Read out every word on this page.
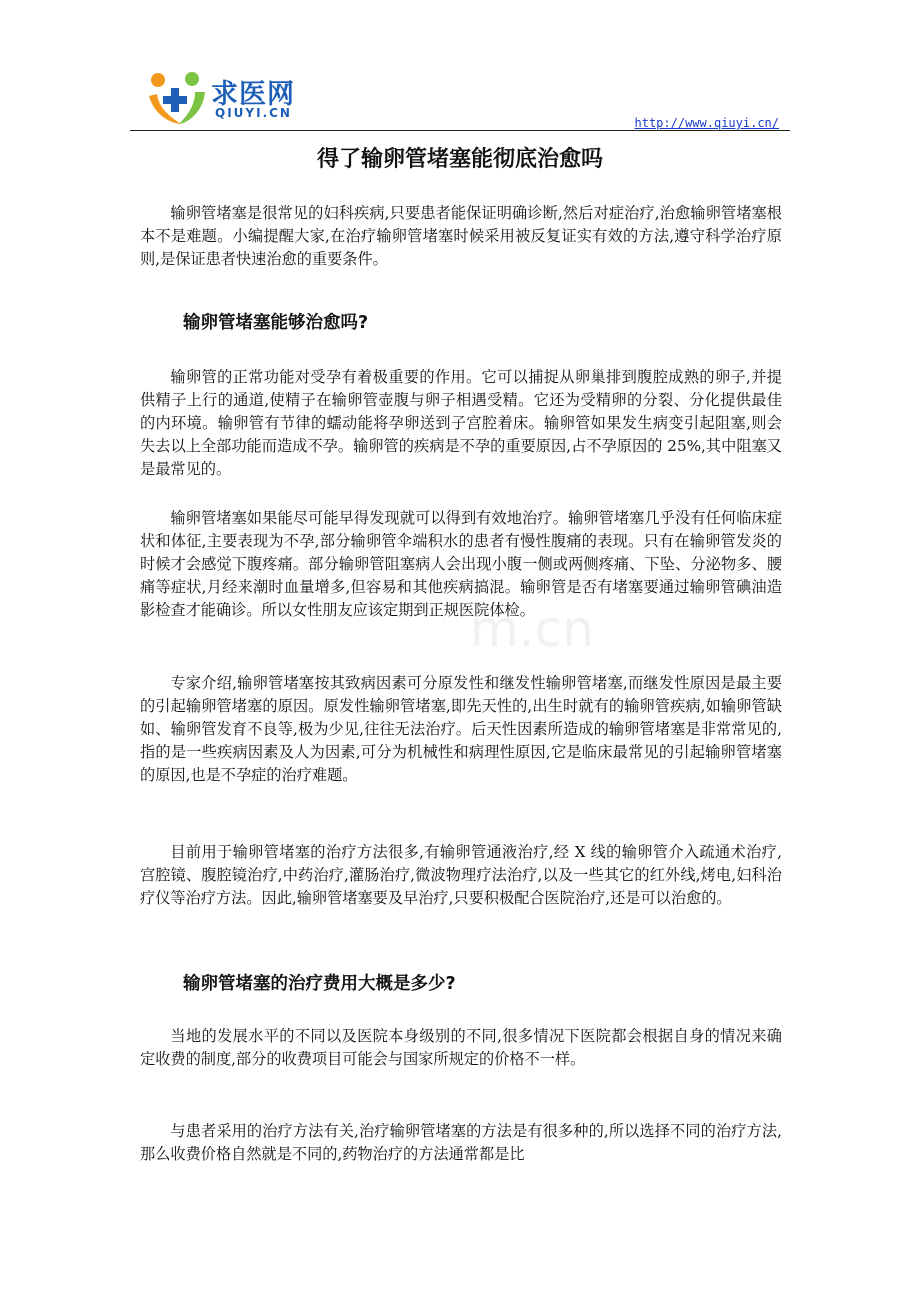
求医网
QIUYI.CN
http://www.qiuyi.cn/
得了输卵管堵塞能彻底治愈吗

输卵管堵塞是很常见的妇科疾病,只要患者能保证明确诊断,然后对症治疗,治愈输卵管堵塞根本不是难题。小编提醒大家,在治疗输卵管堵塞时候采用被反复证实有效的方法,遵守科学治疗原则,是保证患者快速治愈的重要条件。

输卵管堵塞能够治愈吗?

输卵管的正常功能对受孕有着极重要的作用。它可以捕捉从卵巢排到腹腔成熟的卵子,并提供精子上行的通道,使精子在输卵管壶腹与卵子相遇受精。它还为受精卵的分裂、分化提供最佳的内环境。输卵管有节律的蠕动能将孕卵送到子宫腔着床。输卵管如果发生病变引起阻塞,则会失去以上全部功能而造成不孕。输卵管的疾病是不孕的重要原因,占不孕原因的 25%,其中阻塞又是最常见的。

输卵管堵塞如果能尽可能早得发现就可以得到有效地治疗。输卵管堵塞几乎没有任何临床症状和体征,主要表现为不孕,部分输卵管伞端积水的患者有慢性腹痛的表现。只有在输卵管发炎的时候才会感觉下腹疼痛。部分输卵管阻塞病人会出现小腹一侧或两侧疼痛、下坠、分泌物多、腰痛等症状,月经来潮时血量增多,但容易和其他疾病搞混。输卵管是否有堵塞要通过输卵管碘油造影检查才能确诊。所以女性朋友应该定期到正规医院体检。

专家介绍,输卵管堵塞按其致病因素可分原发性和继发性输卵管堵塞,而继发性原因是最主要的引起输卵管堵塞的原因。原发性输卵管堵塞,即先天性的,出生时就有的输卵管疾病,如输卵管缺如、输卵管发育不良等,极为少见,往往无法治疗。后天性因素所造成的输卵管堵塞是非常常见的,指的是一些疾病因素及人为因素,可分为机械性和病理性原因,它是临床最常见的引起输卵管堵塞的原因,也是不孕症的治疗难题。

目前用于输卵管堵塞的治疗方法很多,有输卵管通液治疗,经 X 线的输卵管介入疏通术治疗,宫腔镜、腹腔镜治疗,中药治疗,灌肠治疗,微波物理疗法治疗,以及一些其它的红外线,烤电,妇科治疗仪等治疗方法。因此,输卵管堵塞要及早治疗,只要积极配合医院治疗,还是可以治愈的。

输卵管堵塞的治疗费用大概是多少?

当地的发展水平的不同以及医院本身级别的不同,很多情况下医院都会根据自身的情况来确定收费的制度,部分的收费项目可能会与国家所规定的价格不一样。

与患者采用的治疗方法有关,治疗输卵管堵塞的方法是有很多种的,所以选择不同的治疗方法,那么收费价格自然就是不同的,药物治疗的方法通常都是比

m.cn
